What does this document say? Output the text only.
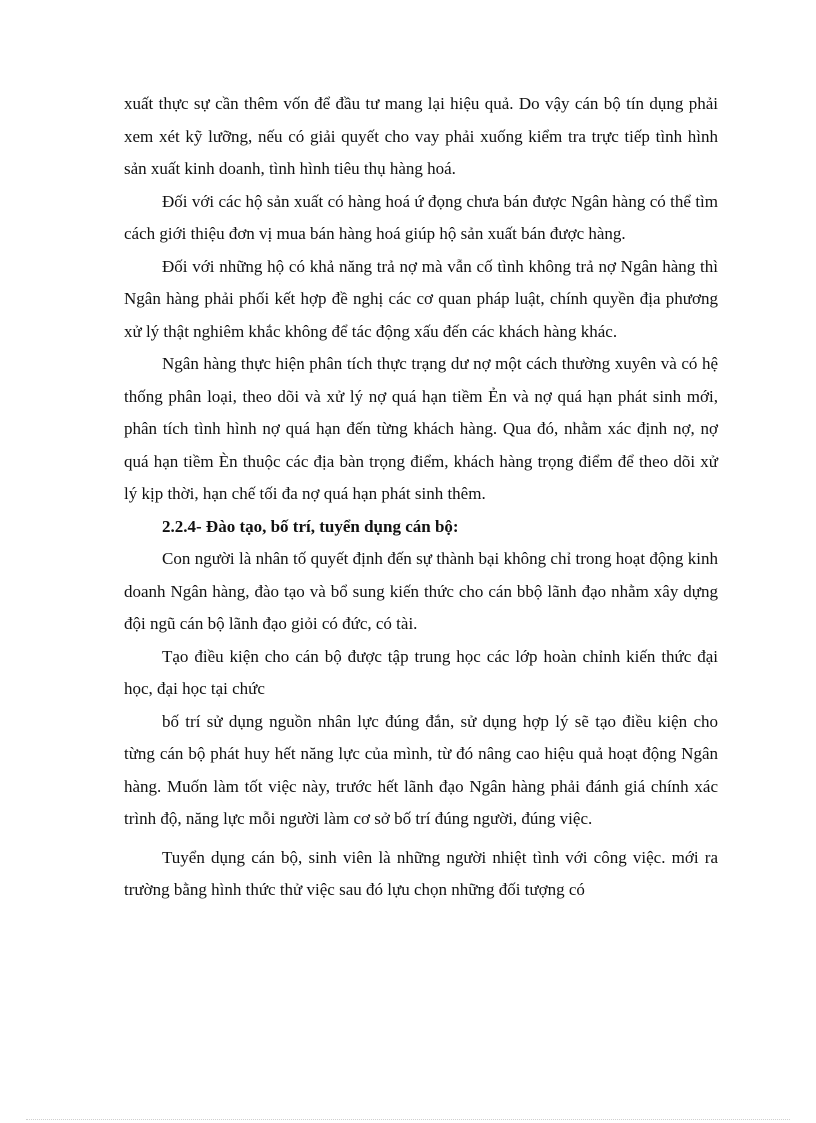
xuất thực sự cần thêm vốn để đầu tư mang lại hiệu quả. Do vậy cán bộ tín dụng phải xem xét kỹ lưỡng, nếu có giải quyết cho vay phải xuống kiểm tra trực tiếp tình hình sản xuất kinh doanh, tình hình tiêu thụ hàng hoá.

Đối với các hộ sản xuất có hàng hoá ứ đọng chưa bán được Ngân hàng có thể tìm cách giới thiệu đơn vị mua bán hàng hoá giúp hộ sản xuất bán được hàng.

Đối với những hộ có khả năng trả nợ mà vẫn cố tình không trả nợ Ngân hàng thì Ngân hàng phải phối kết hợp đề nghị các cơ quan pháp luật, chính quyền địa phương xử lý thật nghiêm khắc không để tác động xấu đến các khách hàng khác.

Ngân hàng thực hiện phân tích thực trạng dư nợ một cách thường xuyên và có hệ thống phân loại, theo dõi và xử lý nợ quá hạn tiềm Ẻn và nợ quá hạn phát sinh mới, phân tích tình hình nợ quá hạn đến từng khách hàng. Qua đó, nhằm xác định nợ, nợ quá hạn tiềm Èn thuộc các địa bàn trọng điểm, khách hàng trọng điểm để theo dõi xử lý kịp thời, hạn chế tối đa nợ quá hạn phát sinh thêm.

2.2.4- Đào tạo, bố trí, tuyển dụng cán bộ:

Con người là nhân tố quyết định đến sự thành bại không chỉ trong hoạt động kinh doanh Ngân hàng, đào tạo và bổ sung kiến thức cho cán bbộ lãnh đạo nhằm xây dựng đội ngũ cán bộ lãnh đạo giỏi có đức, có tài.

Tạo điều kiện cho cán bộ được tập trung học các lớp hoàn chỉnh kiến thức đại học, đại học tại chức

bố trí sử dụng nguồn nhân lực đúng đắn, sử dụng hợp lý sẽ tạo điều kiện cho từng cán bộ phát huy hết năng lực của mình, từ đó nâng cao hiệu quả hoạt động Ngân hàng. Muốn làm tốt việc này, trước hết lãnh đạo Ngân hàng phải đánh giá chính xác trình độ, năng lực mỗi người làm cơ sở bố trí đúng người, đúng việc.

Tuyển dụng cán bộ, sinh viên là những người nhiệt tình với công việc. mới ra trường bằng hình thức thử việc sau đó lựu chọn những đối tượng có
